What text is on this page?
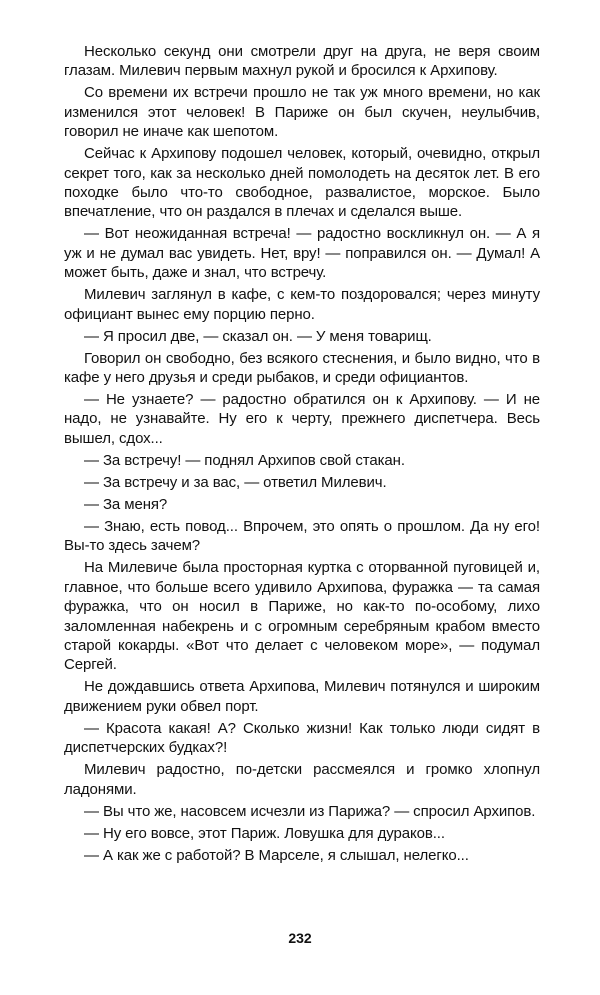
Несколько секунд они смотрели друг на друга, не веря своим глазам. Милевич первым махнул рукой и бросился к Архипову.

Со времени их встречи прошло не так уж много времени, но как изменился этот человек! В Париже он был скучен, неулыбчив, говорил не иначе как шепотом.

Сейчас к Архипову подошел человек, который, очевидно, открыл секрет того, как за несколько дней помолодеть на десяток лет. В его походке было что-то свободное, развалистое, морское. Было впечатление, что он раздался в плечах и сделался выше.

— Вот неожиданная встреча! — радостно воскликнул он. — А я уж и не думал вас увидеть. Нет, вру! — поправился он. — Думал! А может быть, даже и знал, что встречу.

Милевич заглянул в кафе, с кем-то поздоровался; через минуту официант вынес ему порцию перно.

— Я просил две, — сказал он. — У меня товарищ.

Говорил он свободно, без всякого стеснения, и было видно, что в кафе у него друзья и среди рыбаков, и среди официантов.

— Не узнаете? — радостно обратился он к Архипову. — И не надо, не узнавайте. Ну его к черту, прежнего диспетчера. Весь вышел, сдох...

— За встречу! — поднял Архипов свой стакан.

— За встречу и за вас, — ответил Милевич.

— За меня?

— Знаю, есть повод... Впрочем, это опять о прошлом. Да ну его! Вы-то здесь зачем?

На Милевиче была просторная куртка с оторванной пуговицей и, главное, что больше всего удивило Архипова, фуражка — та самая фуражка, что он носил в Париже, но как-то по-особому, лихо заломленная набекрень и с огромным серебряным крабом вместо старой кокарды. «Вот что делает с человеком море», — подумал Сергей.

Не дождавшись ответа Архипова, Милевич потянулся и широким движением руки обвел порт.

— Красота какая! А? Сколько жизни! Как только люди сидят в диспетчерских будках?!

Милевич радостно, по-детски рассмеялся и громко хлопнул ладонями.

— Вы что же, насовсем исчезли из Парижа? — спросил Архипов.

— Ну его вовсе, этот Париж. Ловушка для дураков...

— А как же с работой? В Марселе, я слышал, нелегко...

232
